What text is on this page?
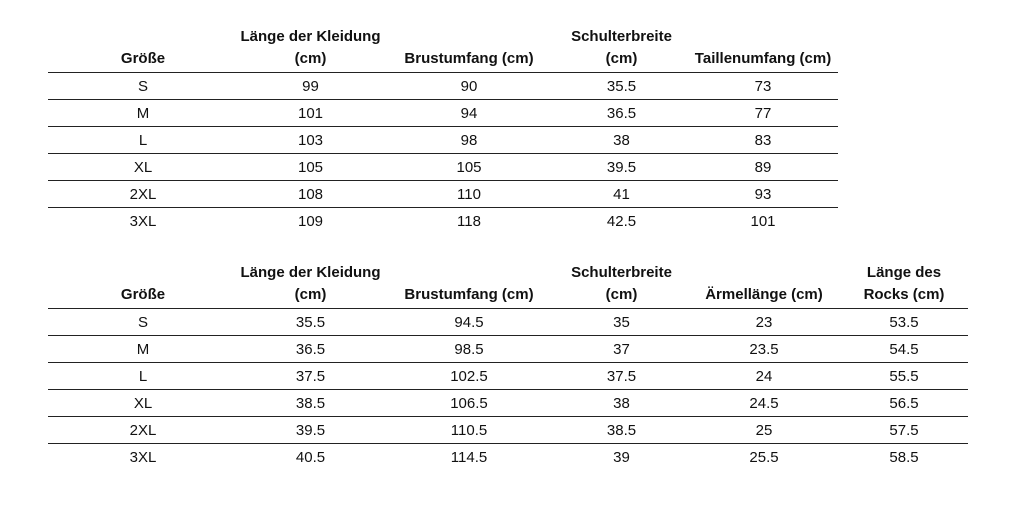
Größe	Länge der Kleidung (cm)	Brustumfang (cm)	Schulterbreite (cm)	Taillenumfang (cm)
S	99	90	35.5	73
M	101	94	36.5	77
L	103	98	38	83
XL	105	105	39.5	89
2XL	108	110	41	93
3XL	109	118	42.5	101
Größe	Länge der Kleidung (cm)	Brustumfang (cm)	Schulterbreite (cm)	Ärmellänge (cm)	Länge des Rocks (cm)
S	35.5	94.5	35	23	53.5
M	36.5	98.5	37	23.5	54.5
L	37.5	102.5	37.5	24	55.5
XL	38.5	106.5	38	24.5	56.5
2XL	39.5	110.5	38.5	25	57.5
3XL	40.5	114.5	39	25.5	58.5
